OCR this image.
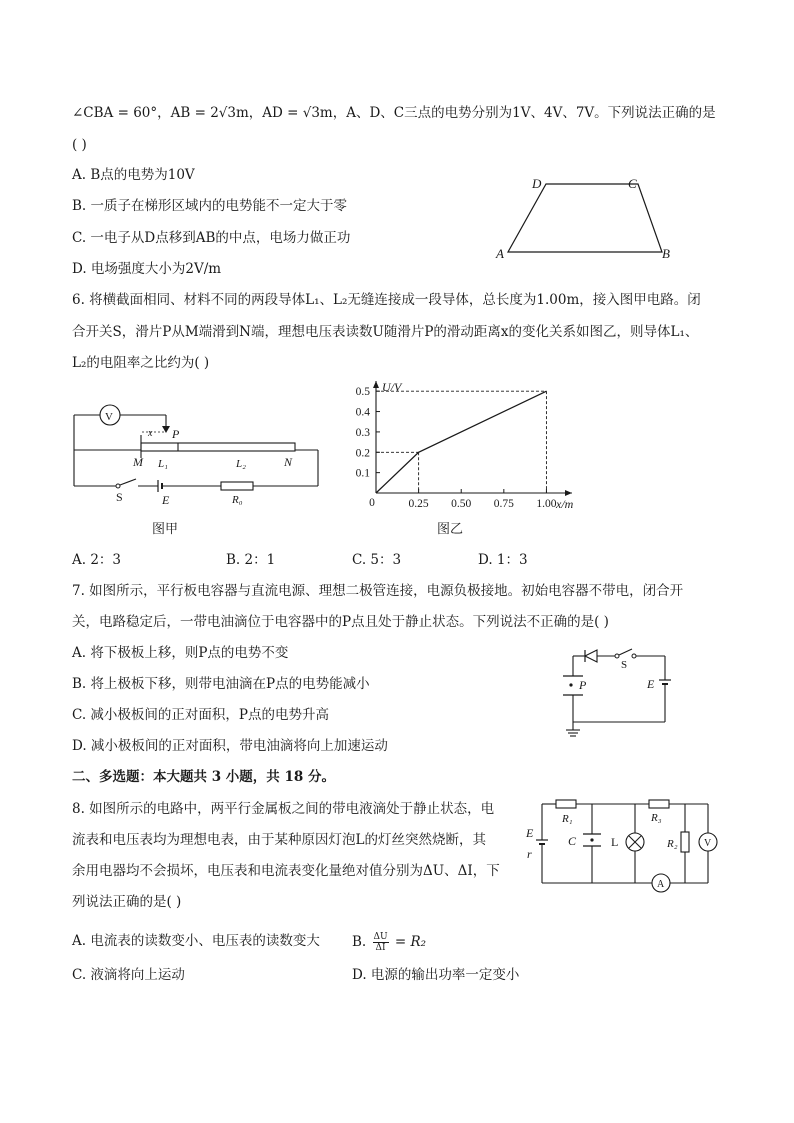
∠CBA = 60°，AB = 2√3m，AD = √3m，A、D、C三点的电势分别为1V、4V、7V。下列说法正确的是
( )
A. B点的电势为10V
B. 一质子在梯形区域内的电势能不一定大于零
C. 一电子从D点移到AB的中点，电场力做正功
D. 电场强度大小为2V/m
D	C
A	B
6. 将横截面相同、材料不同的两段导体L₁、L₂无缝连接成一段导体，总长度为1.00m，接入图甲电路。闭
合开关S，滑片P从M端滑到N端，理想电压表读数U随滑片P的滑动距离x的变化关系如图乙，则导体L₁、
L₂的电阻率之比约为( )
V
x P
M L₁	L₂	N
S	E	R₀
图甲
U/V
x/m
0
0.1
0.2
0.3
0.4
0.5
0.25 0.50 0.75 1.00
图乙
A. 2：3	B. 2：1	C. 5：3	D. 1：3
7. 如图所示，平行板电容器与直流电源、理想二极管连接，电源负极接地。初始电容器不带电，闭合开
关，电路稳定后，一带电油滴位于电容器中的P点且处于静止状态。下列说法不正确的是( )
A. 将下极板上移，则P点的电势不变
B. 将上极板下移，则带电油滴在P点的电势能减小
C. 减小极板间的正对面积，P点的电势升高
D. 减小极板间的正对面积，带电油滴将向上加速运动
S
E
P
二、多选题：本大题共 3 小题，共 18 分。
8. 如图所示的电路中，两平行金属板之间的带电液滴处于静止状态，电
流表和电压表均为理想电表，由于某种原因灯泡L的灯丝突然烧断，其
余用电器均不会损坏，电压表和电流表变化量绝对值分别为ΔU、ΔI，下
列说法正确的是( )
R₁	R₃
E
r
C	L	R₂	V
A
A. 电流表的读数变小、电压表的读数变大 B. $\frac{\Delta U}{\Delta I} = R_2$
C. 液滴将向上运动	D. 电源的输出功率一定变小
